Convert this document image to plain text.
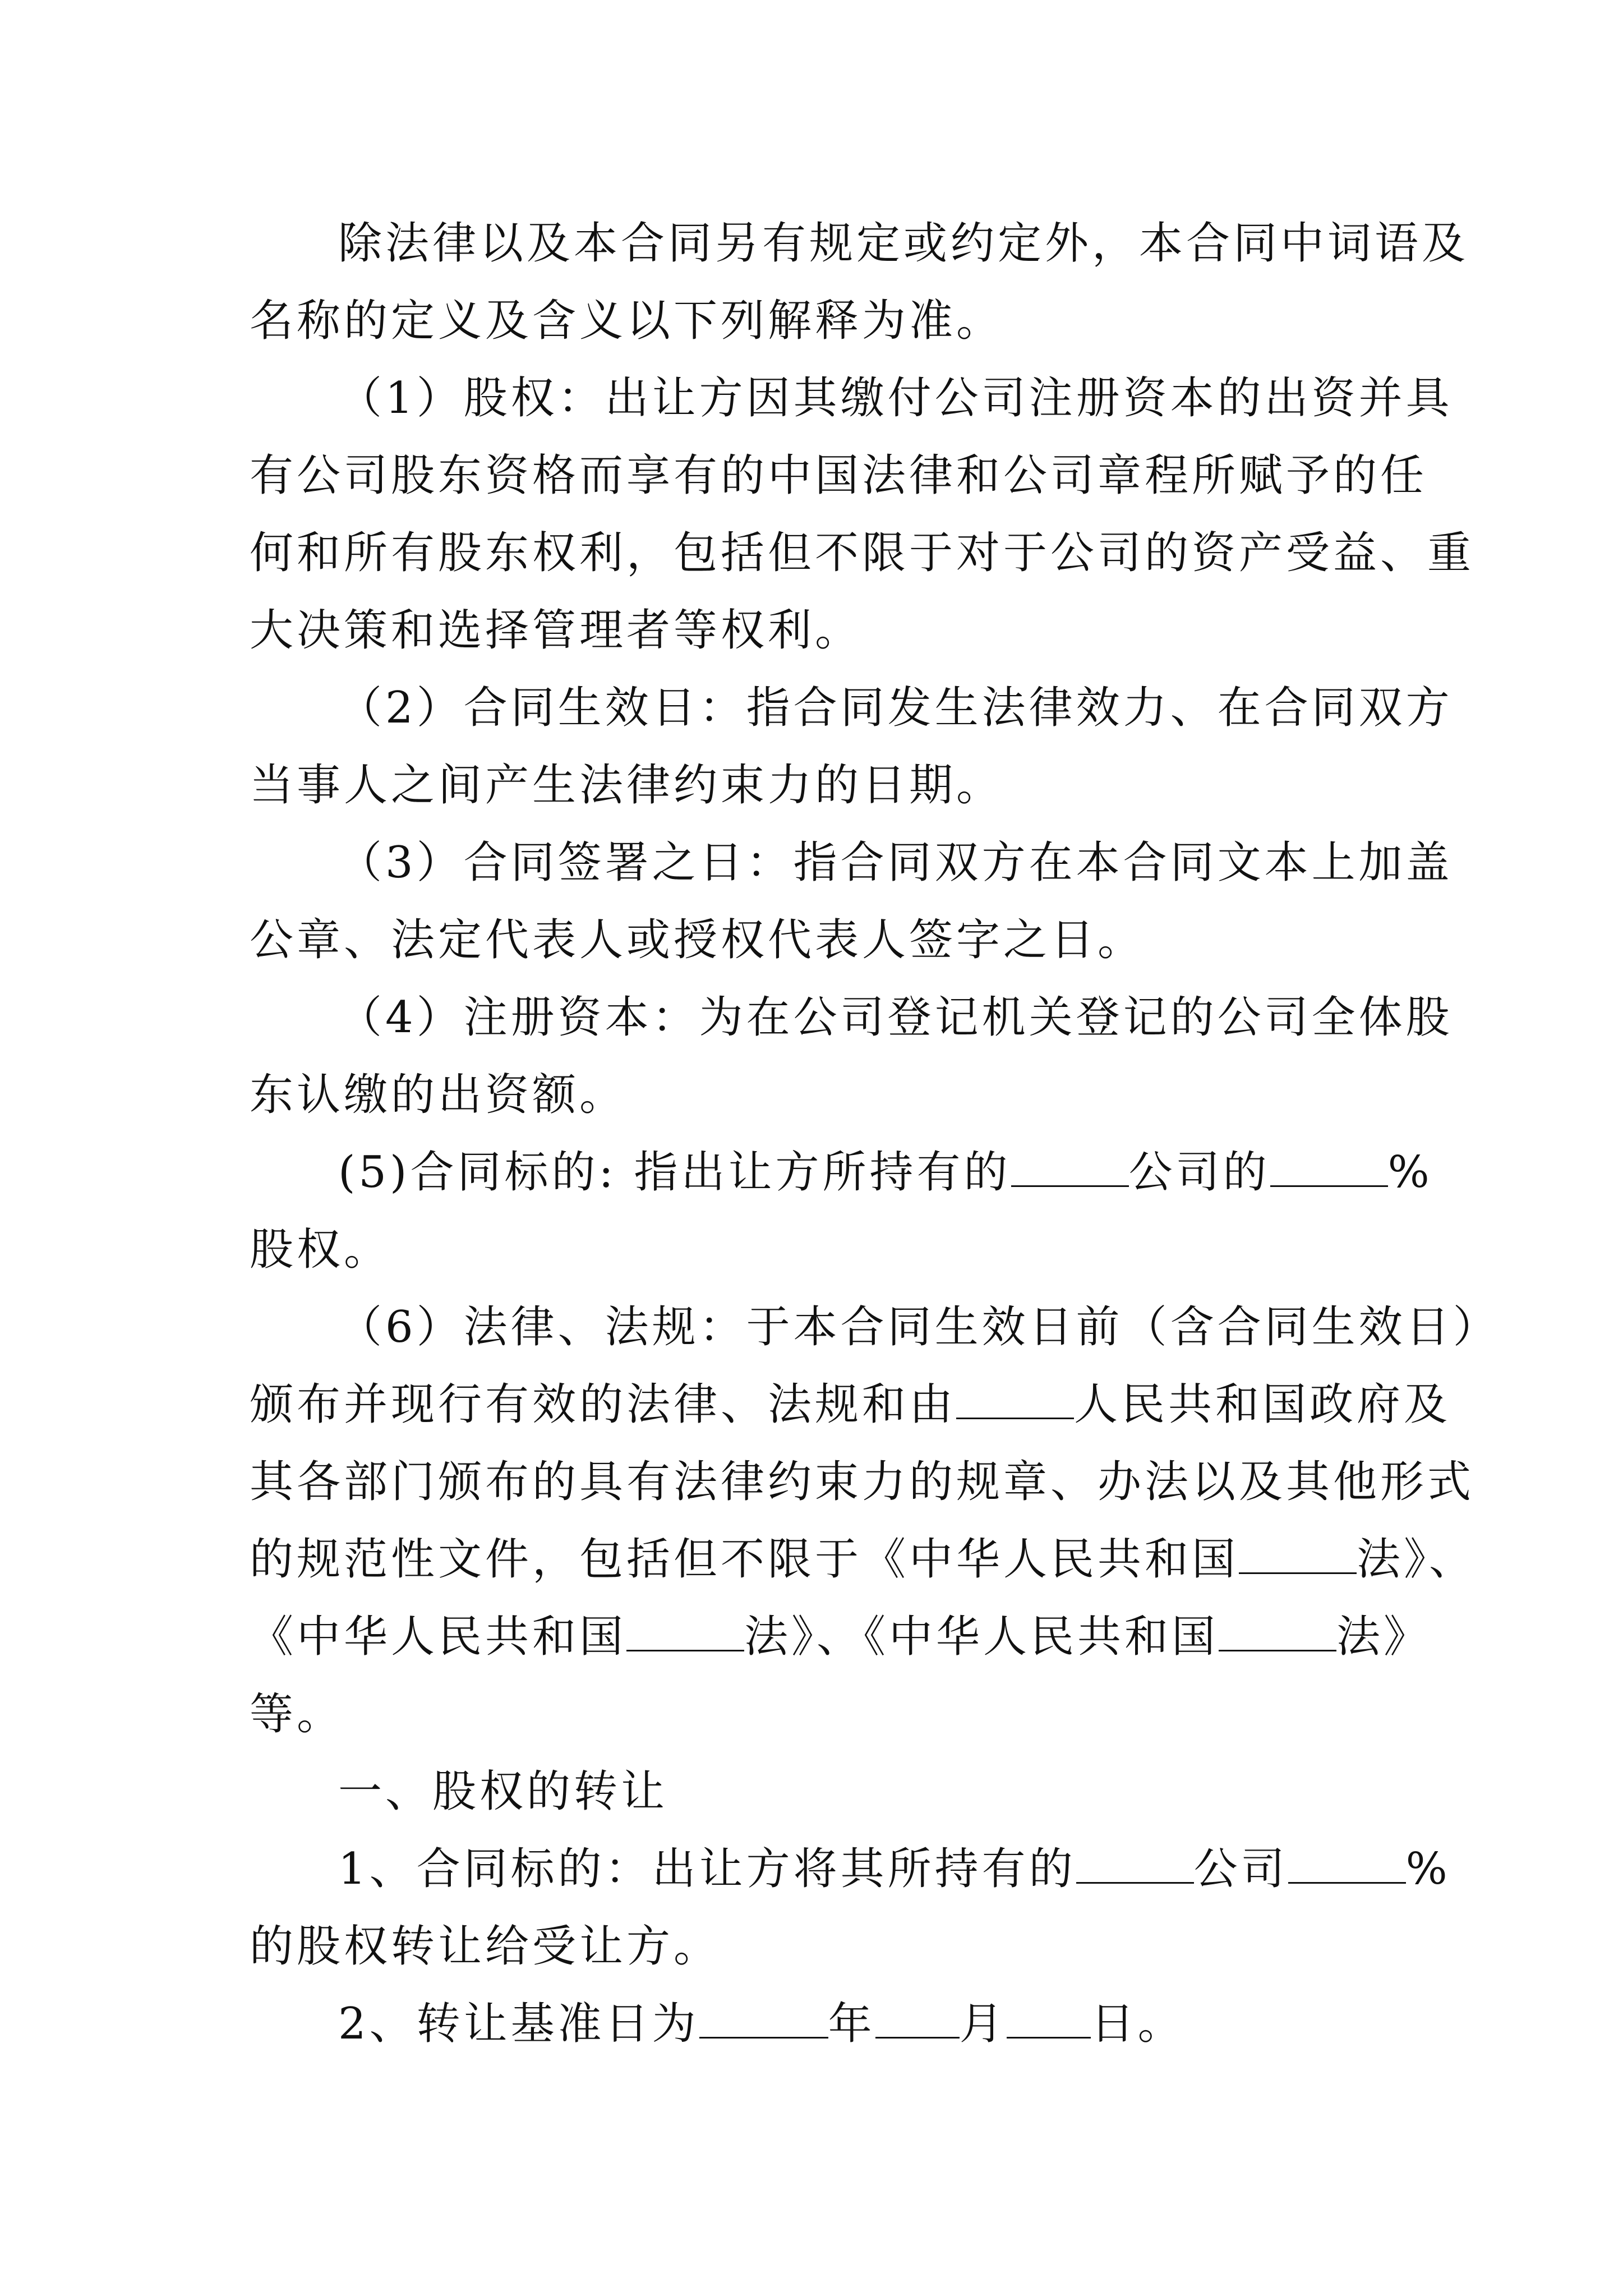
除法律以及本合同另有规定或约定外，本合同中词语及
名称的定义及含义以下列解释为准。
（1）股权：出让方因其缴付公司注册资本的出资并具
有公司股东资格而享有的中国法律和公司章程所赋予的任
何和所有股东权利，包括但不限于对于公司的资产受益、重
大决策和选择管理者等权利。
（2）合同生效日：指合同发生法律效力、在合同双方
当事人之间产生法律约束力的日期。
（3）合同签署之日：指合同双方在本合同文本上加盖
公章、法定代表人或授权代表人签字之日。
（4）注册资本：为在公司登记机关登记的公司全体股
东认缴的出资额。
(5)合同标的: 指出让方所持有的	公司的	%
股权。
（6）法律、法规：于本合同生效日前（含合同生效日）
颁布并现行有效的法律、法规和由	人民共和国政府及
其各部门颁布的具有法律约束力的规章、办法以及其他形式
的规范性文件，包括但不限于《中华人民共和国	法》、
《中华人民共和国	法》、《中华人民共和国	法》
等。
一、股权的转让
1、合同标的：出让方将其所持有的	公司	%
的股权转让给受让方。
2、转让基准日为	年 月 日。
